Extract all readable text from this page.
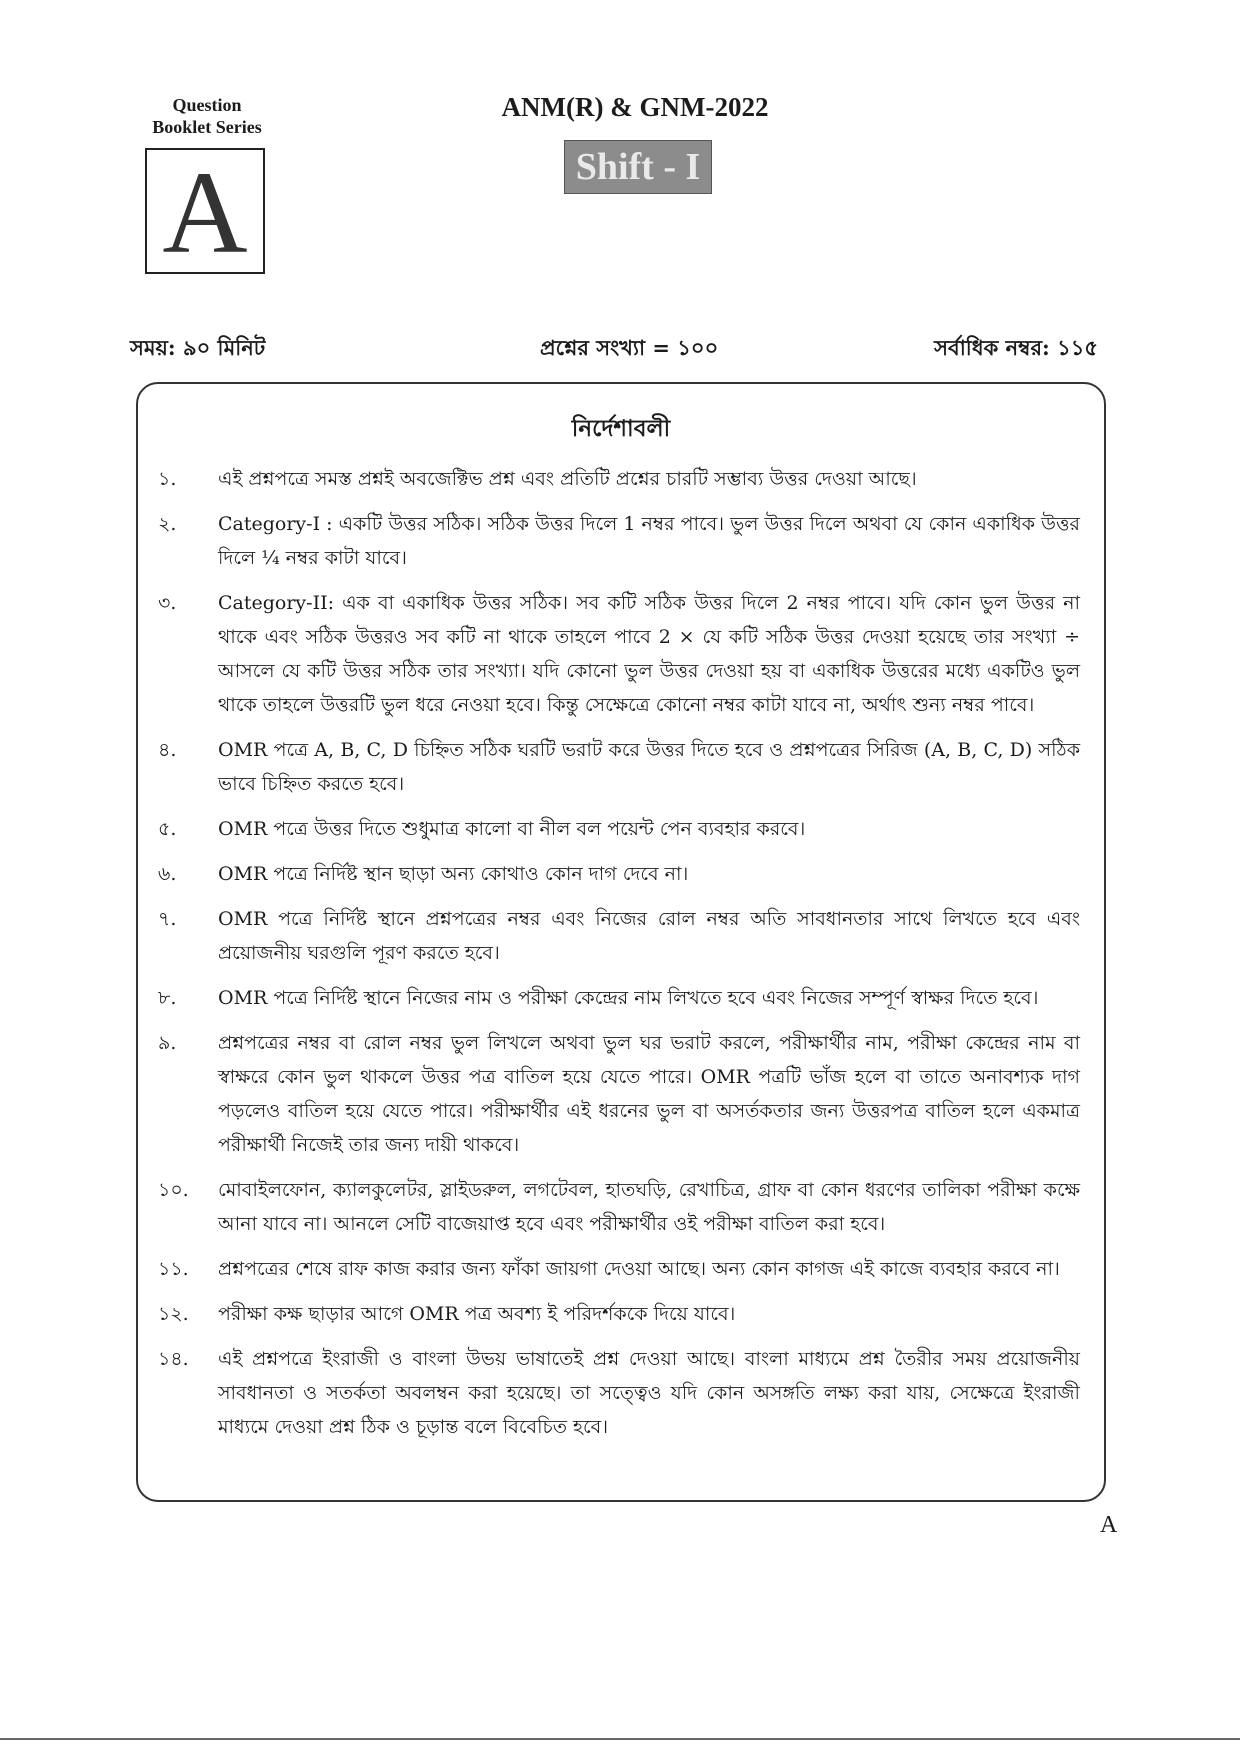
Question
Booklet Series
A
ANM(R) & GNM-2022
Shift - I
সময়: ৯০ মিনিট	প্রশ্নের সংখ্যা = ১০০	সর্বাধিক নম্বর: ১১৫
নির্দেশাবলী
১.	এই প্রশ্নপত্রে সমস্ত প্রশ্নই অবজেক্টিভ প্রশ্ন এবং প্রতিটি প্রশ্নের চারটি সম্ভাব্য উত্তর দেওয়া আছে।
২.	Category-I : একটি উত্তর সঠিক। সঠিক উত্তর দিলে 1 নম্বর পাবে। ভুল উত্তর দিলে অথবা যে কোন একাধিক উত্তর দিলে ¼ নম্বর কাটা যাবে।
৩.	Category-II: এক বা একাধিক উত্তর সঠিক। সব কটি সঠিক উত্তর দিলে 2 নম্বর পাবে। যদি কোন ভুল উত্তর না থাকে এবং সঠিক উত্তরও সব কটি না থাকে তাহলে পাবে 2 × যে কটি সঠিক উত্তর দেওয়া হয়েছে তার সংখ্যা ÷ আসলে যে কটি উত্তর সঠিক তার সংখ্যা। যদি কোনো ভুল উত্তর দেওয়া হয় বা একাধিক উত্তরের মধ্যে একটিও ভুল থাকে তাহলে উত্তরটি ভুল ধরে নেওয়া হবে। কিন্তু সেক্ষেত্রে কোনো নম্বর কাটা যাবে না, অর্থাৎ শুন্য নম্বর পাবে।
৪.	OMR পত্রে A, B, C, D চিহ্নিত সঠিক ঘরটি ভরাট করে উত্তর দিতে হবে ও প্রশ্নপত্রের সিরিজ (A, B, C, D) সঠিক ভাবে চিহ্নিত করতে হবে।
৫.	OMR পত্রে উত্তর দিতে শুধুমাত্র কালো বা নীল বল পয়েন্ট পেন ব্যবহার করবে।
৬.	OMR পত্রে নির্দিষ্ট স্থান ছাড়া অন্য কোথাও কোন দাগ দেবে না।
৭.	OMR পত্রে নির্দিষ্ট স্থানে প্রশ্নপত্রের নম্বর এবং নিজের রোল নম্বর অতি সাবধানতার সাথে লিখতে হবে এবং প্রয়োজনীয় ঘরগুলি পূরণ করতে হবে।
৮.	OMR পত্রে নির্দিষ্ট স্থানে নিজের নাম ও পরীক্ষা কেন্দ্রের নাম লিখতে হবে এবং নিজের সম্পূর্ণ স্বাক্ষর দিতে হবে।
৯.	প্রশ্নপত্রের নম্বর বা রোল নম্বর ভুল লিখলে অথবা ভুল ঘর ভরাট করলে, পরীক্ষার্থীর নাম, পরীক্ষা কেন্দ্রের নাম বা স্বাক্ষরে কোন ভুল থাকলে উত্তর পত্র বাতিল হয়ে যেতে পারে। OMR পত্রটি ভাঁজ হলে বা তাতে অনাবশ্যক দাগ পড়লেও বাতিল হয়ে যেতে পারে। পরীক্ষার্থীর এই ধরনের ভুল বা অসর্তকতার জন্য উত্তরপত্র বাতিল হলে একমাত্র পরীক্ষার্থী নিজেই তার জন্য দায়ী থাকবে।
১০.	মোবাইলফোন, ক্যালকুলেটর, স্লাইডরুল, লগটেবল, হাতঘড়ি, রেখাচিত্র, গ্রাফ বা কোন ধরণের তালিকা পরীক্ষা কক্ষে আনা যাবে না। আনলে সেটি বাজেয়াপ্ত হবে এবং পরীক্ষার্থীর ওই পরীক্ষা বাতিল করা হবে।
১১.	প্রশ্নপত্রের শেষে রাফ কাজ করার জন্য ফাঁকা জায়গা দেওয়া আছে। অন্য কোন কাগজ এই কাজে ব্যবহার করবে না।
১২.	পরীক্ষা কক্ষ ছাড়ার আগে OMR পত্র অবশ্য ই পরিদর্শককে দিয়ে যাবে।
১৪.	এই প্রশ্নপত্রে ইংরাজী ও বাংলা উভয় ভাষাতেই প্রশ্ন দেওয়া আছে। বাংলা মাধ্যমে প্রশ্ন তৈরীর সময় প্রয়োজনীয় সাবধানতা ও সতর্কতা অবলম্বন করা হয়েছে। তা সত্ত্বেও যদি কোন অসঙ্গতি লক্ষ্য করা যায়, সেক্ষেত্রে ইংরাজী মাধ্যমে দেওয়া প্রশ্ন ঠিক ও চূড়ান্ত বলে বিবেচিত হবে।
A
